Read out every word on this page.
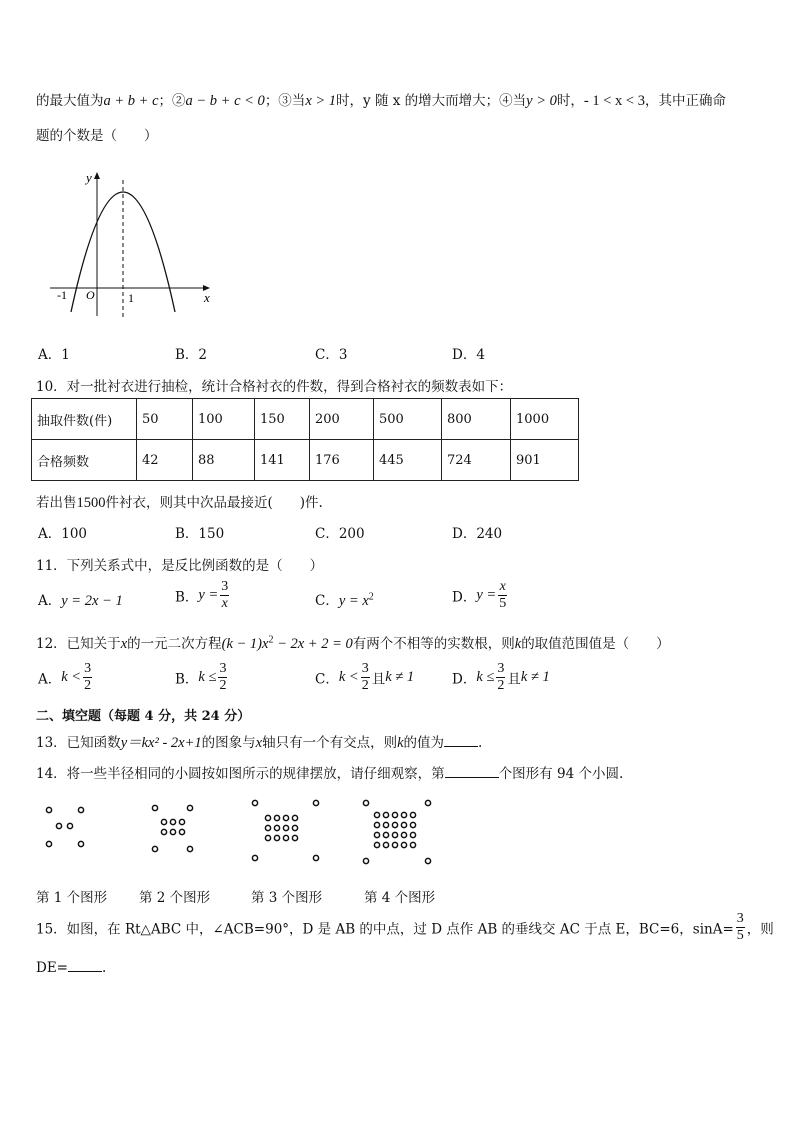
的最大值为a + b + c；②a − b + c < 0；③当x > 1时，y 随 x 的增大而增大；④当y > 0时，- 1 < x < 3，其中正确命
题的个数是（　　）
y
x
O
-1	1
A．1	B．2	C．3	D．4
10．对一批衬衣进行抽检，统计合格衬衣的件数，得到合格衬衣的频数表如下：
抽取件数(件)	50	100	150	200	500	800	1000
合格频数	42	88	141	176	445	724	901
若出售1500件衬衣，则其中次品最接近(　　)件.
A．100	B．150	C．200	D．240
11．下列关系式中，是反比例函数的是（　　）
A．y = 2x − 1	B．$y = \frac{3}{x}$	C．$y = x^2$	D．$y = \frac{x}{5}$
12．已知关于x的一元二次方程$(k - 1)x^2 - 2x + 2 = 0$有两个不相等的实数根，则k的取值范围值是（　　）
A．$k < \frac{3}{2}$	B．$k \le \frac{3}{2}$	C．$k < \frac{3}{2}$ 且k ≠ 1	D．$k \le \frac{3}{2}$ 且k ≠ 1
二、填空题（每题 4 分，共 24 分）
13．已知函数y＝kx² - 2x+1的图象与x轴只有一个有交点，则k的值为	.
14．将一些半径相同的小圆按如图所示的规律摆放，请仔细观察，第	个图形有 94 个小圆.
第 1 个图形 第 2 个图形	第 3 个图形	第 4 个图形
15．如图，在 Rt△ABC 中，∠ACB=90°，D 是 AB 的中点，过 D 点作 AB 的垂线交 AC 于点 E，BC=6，$\sin A= \frac{3}{5}$ ，则
DE=	.
